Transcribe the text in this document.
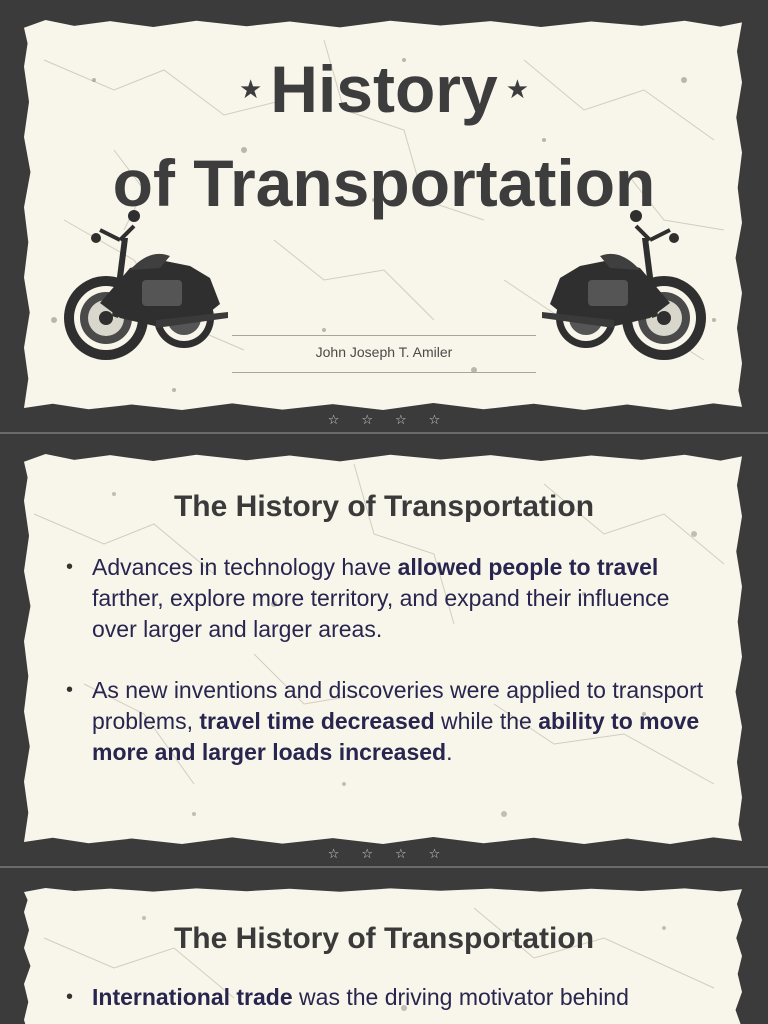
★ History ★
of Transportation
John Joseph T. Amiler
☆☆☆☆
The History of Transportation
• Advances in technology have allowed people to travel farther, explore more territory, and expand their influence over larger and larger areas.
• As new inventions and discoveries were applied to transport problems, travel time decreased while the ability to move more and larger loads increased.
☆☆☆☆
The History of Transportation
• International trade was the driving motivator behind
